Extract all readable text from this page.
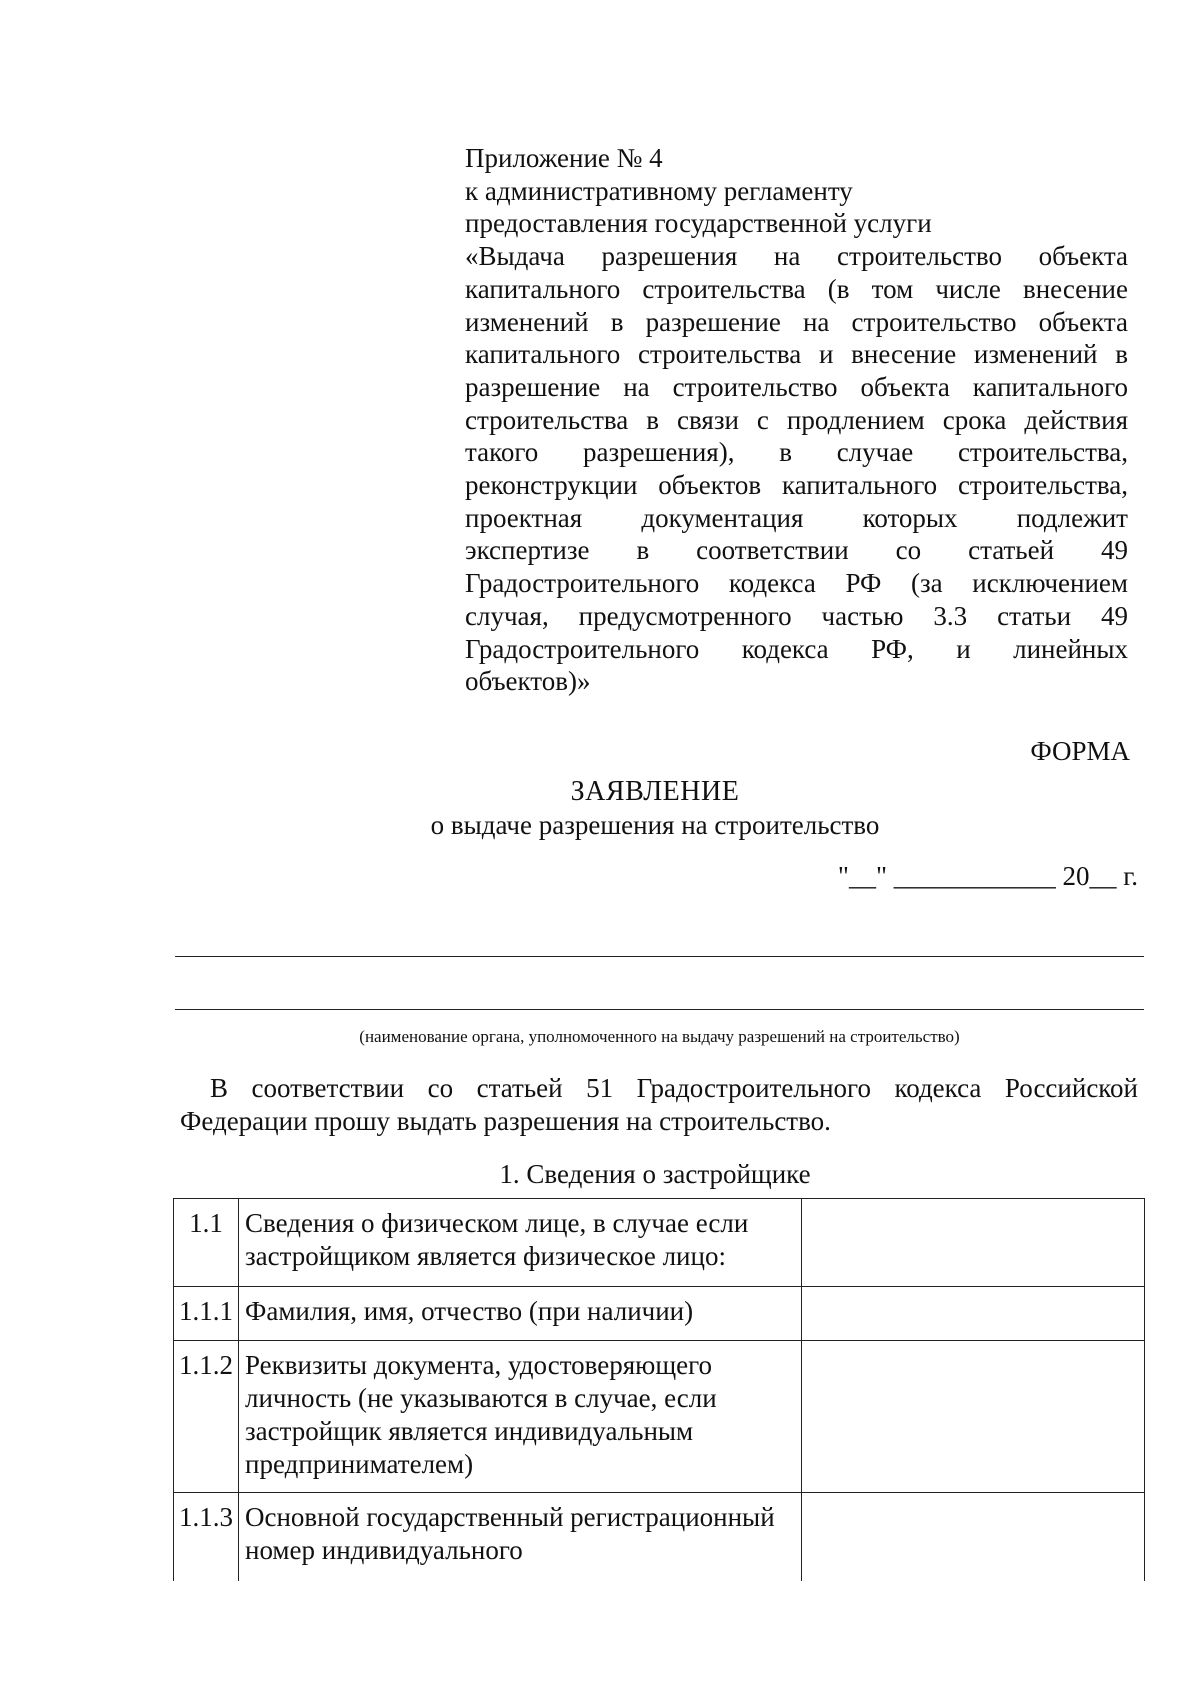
Приложение № 4
к административному регламенту
предоставления государственной услуги
«Выдача разрешения на строительство объекта
капитального строительства (в том числе внесение
изменений в разрешение на строительство объекта
капитального строительства и внесение изменений в
разрешение на строительство объекта капитального
строительства в связи с продлением срока действия
такого разрешения), в случае строительства,
реконструкции объектов капитального строительства,
проектная документация которых подлежит
экспертизе в соответствии со статьей 49
Градостроительного кодекса РФ (за исключением
случая, предусмотренного частью 3.3 статьи 49
Градостроительного кодекса РФ, и линейных
объектов)»
ФОРМА
ЗАЯВЛЕНИЕ
о выдаче разрешения на строительство
"__" ____________ 20__ г.
(наименование органа, уполномоченного на выдачу разрешений на строительство)
В соответствии со статьей 51 Градостроительного кодекса Российской
Федерации прошу выдать разрешения на строительство.
1. Сведения о застройщике
1.1	Сведения о физическом лице, в случае если застройщиком является физическое лицо:	
1.1.1	Фамилия, имя, отчество (при наличии)	
1.1.2	Реквизиты документа, удостоверяющего личность (не указываются в случае, если застройщик является индивидуальным предпринимателем)	
1.1.3	Основной государственный регистрационный номер индивидуального	
